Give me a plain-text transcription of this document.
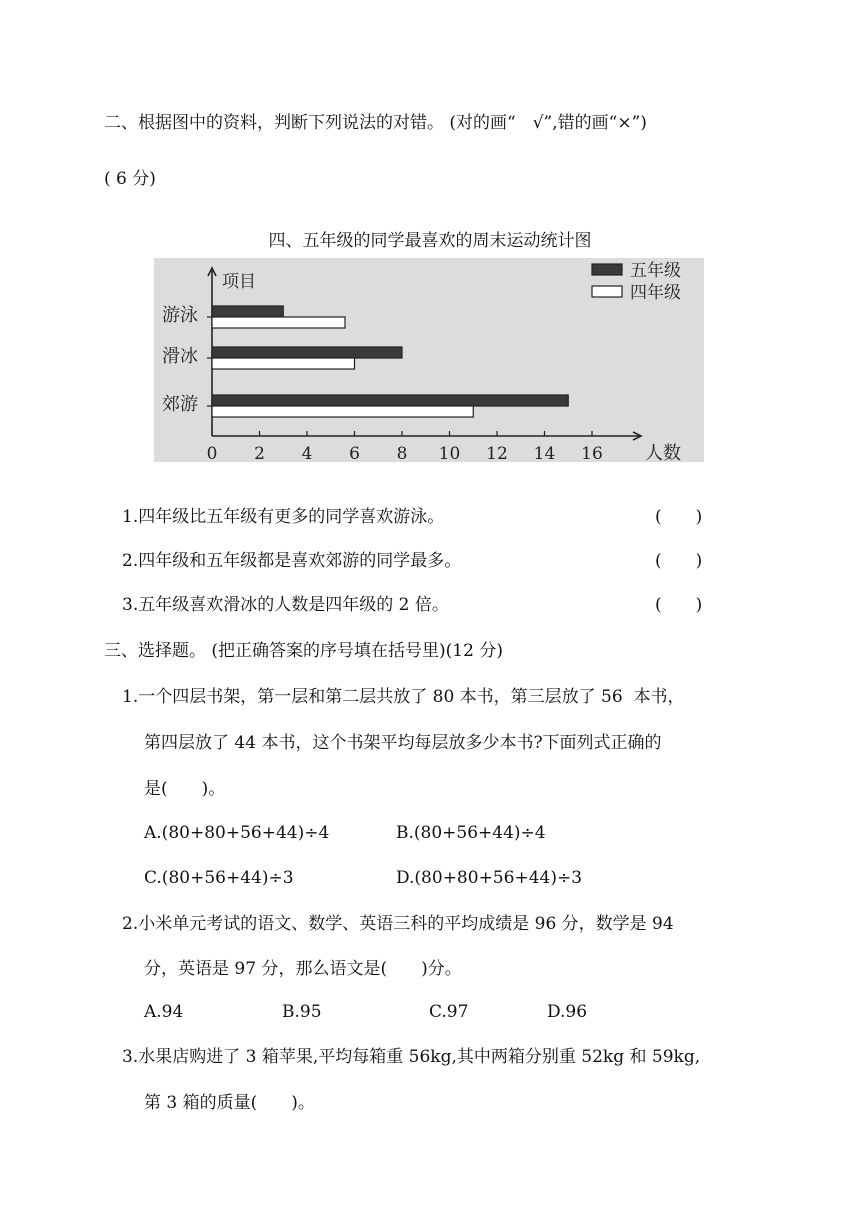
二、根据图中的资料，判断下列说法的对错。 (对的画“　√”,错的画“×”)
( 6 分)
四、五年级的同学最喜欢的周末运动统计图
项目
人数
0 2 4 6 8 10 12 14 16
游泳
滑冰
郊游
五年级
四年级
1.四年级比五年级有更多的同学喜欢游泳。	(　　)
2.四年级和五年级都是喜欢郊游的同学最多。	(　　)
3.五年级喜欢滑冰的人数是四年级的 2 倍。	(　　)
三、选择题。 (把正确答案的序号填在括号里)(12 分)
1.一个四层书架，第一层和第二层共放了 80 本书，第三层放了 56  本书，
第四层放了 44 本书，这个书架平均每层放多少本书?下面列式正确的
是(　　)。
A.(80+80+56+44)÷4	B.(80+56+44)÷4
C.(80+56+44)÷3	D.(80+80+56+44)÷3
2.小米单元考试的语文、数学、英语三科的平均成绩是 96 分，数学是 94
分，英语是 97 分，那么语文是(　　)分。
A.94	B.95	C.97	D.96
3.水果店购进了 3 箱苹果,平均每箱重 56kg,其中两箱分别重 52kg 和 59kg,
第 3 箱的质量(　　)。
